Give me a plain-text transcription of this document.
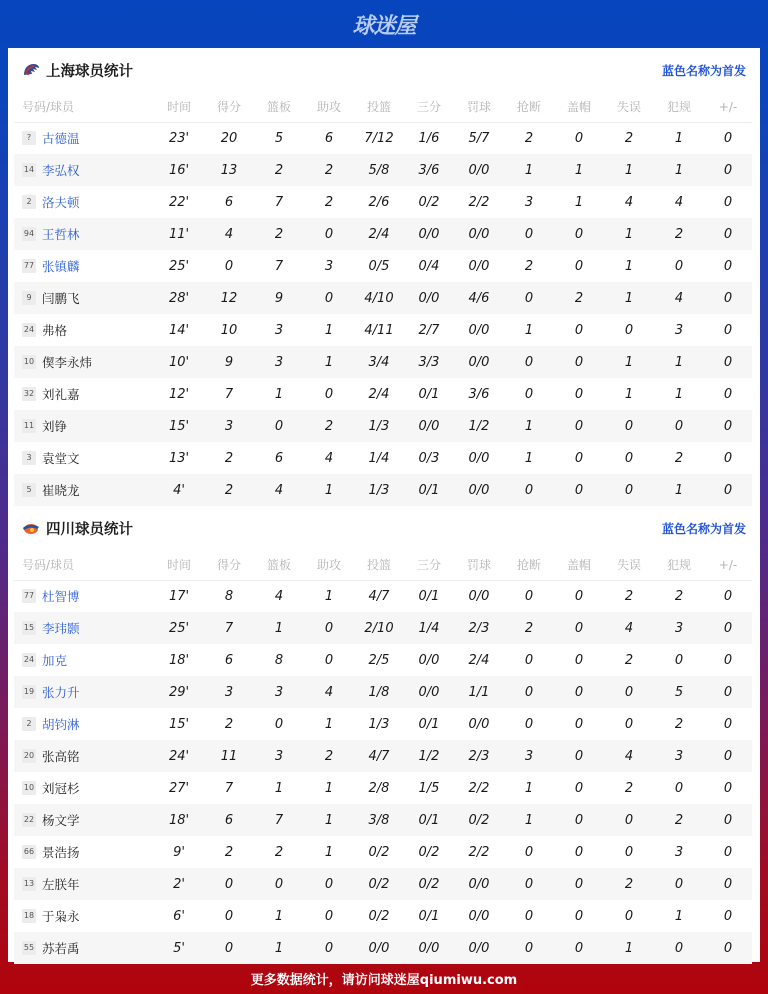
球迷屋
上海球员统计	蓝色名称为首发
号码/球员	时间	得分	篮板	助攻	投篮	三分	罚球	抢断	盖帽	失误	犯规	+/-
? 古德温	23'	20	5	6	7/12	1/6	5/7	2	0	2	1	0
14 李弘权	16'	13	2	2	5/8	3/6	0/0	1	1	1	1	0
2 洛夫顿	22'	6	7	2	2/6	0/2	2/2	3	1	4	4	0
94 王哲林	11'	4	2	0	2/4	0/0	0/0	0	0	1	2	0
77 张镇麟	25'	0	7	3	0/5	0/4	0/0	2	0	1	0	0
9 闫鹏飞	28'	12	9	0	4/10	0/0	4/6	0	2	1	4	0
24 弗格	14'	10	3	1	4/11	2/7	0/0	1	0	0	3	0
10 偰李永炜	10'	9	3	1	3/4	3/3	0/0	0	0	1	1	0
32 刘礼嘉	12'	7	1	0	2/4	0/1	3/6	0	0	1	1	0
11 刘铮	15'	3	0	2	1/3	0/0	1/2	1	0	0	0	0
3 袁堂文	13'	2	6	4	1/4	0/3	0/0	1	0	0	2	0
5 崔晓龙	4'	2	4	1	1/3	0/1	0/0	0	0	0	1	0
四川球员统计	蓝色名称为首发
号码/球员	时间	得分	篮板	助攻	投篮	三分	罚球	抢断	盖帽	失误	犯规	+/-
77 杜智博	17'	8	4	1	4/7	0/1	0/0	0	0	2	2	0
15 李玮颢	25'	7	1	0	2/10	1/4	2/3	2	0	4	3	0
24 加克	18'	6	8	0	2/5	0/0	2/4	0	0	2	0	0
19 张力升	29'	3	3	4	1/8	0/0	1/1	0	0	0	5	0
2 胡钧淋	15'	2	0	1	1/3	0/1	0/0	0	0	0	2	0
20 张高铭	24'	11	3	2	4/7	1/2	2/3	3	0	4	3	0
10 刘冠杉	27'	7	1	1	2/8	1/5	2/2	1	0	2	0	0
22 杨文学	18'	6	7	1	3/8	0/1	0/2	1	0	0	2	0
66 景浩扬	9'	2	2	1	0/2	0/2	2/2	0	0	0	3	0
13 左朕年	2'	0	0	0	0/2	0/2	0/0	0	0	2	0	0
18 于枭永	6'	0	1	0	0/2	0/1	0/0	0	0	0	1	0
55 苏若禹	5'	0	1	0	0/0	0/0	0/0	0	0	1	0	0
更多数据统计，请访问球迷屋qiumiwu.com
